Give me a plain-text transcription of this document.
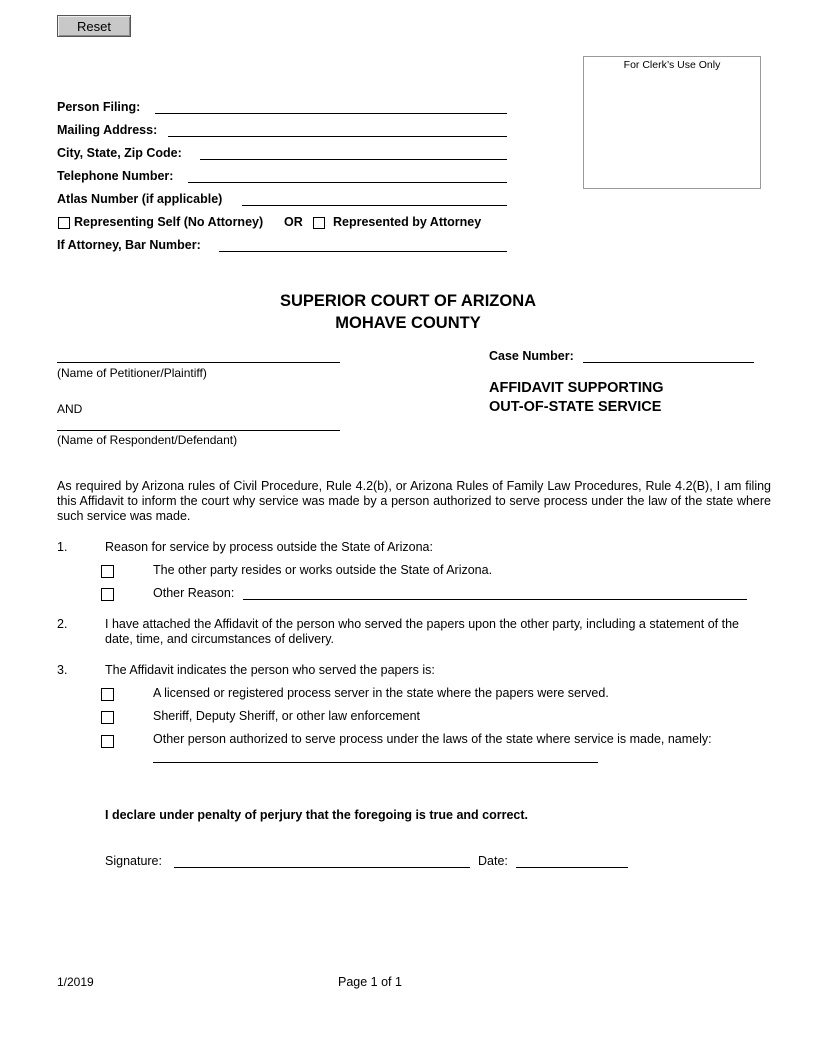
Reset
For Clerk’s Use Only
Person Filing:
Mailing Address:
City, State, Zip Code:
Telephone Number:
Atlas Number (if applicable)
Representing Self (No Attorney) OR Represented by Attorney
If Attorney, Bar Number:
SUPERIOR COURT OF ARIZONA
MOHAVE COUNTY
(Name of Petitioner/Plaintiff)
AND
(Name of Respondent/Defendant)
Case Number:
AFFIDAVIT SUPPORTING
OUT-OF-STATE SERVICE
As required by Arizona rules of Civil Procedure, Rule 4.2(b), or Arizona Rules of Family Law Procedures, Rule 4.2(B), I am filing this Affidavit to inform the court why service was made by a person authorized to serve process under the law of the state where such service was made.
1.	Reason for service by process outside the State of Arizona:
The other party resides or works outside the State of Arizona.
Other Reason:
2.	I have attached the Affidavit of the person who served the papers upon the other party, including a statement of the date, time, and circumstances of delivery.
3.	The Affidavit indicates the person who served the papers is:
A licensed or registered process server in the state where the papers were served.
Sheriff, Deputy Sheriff, or other law enforcement
Other person authorized to serve process under the laws of the state where service is made, namely:
I declare under penalty of perjury that the foregoing is true and correct.
Signature:	Date:
1/2019	Page 1 of 1
